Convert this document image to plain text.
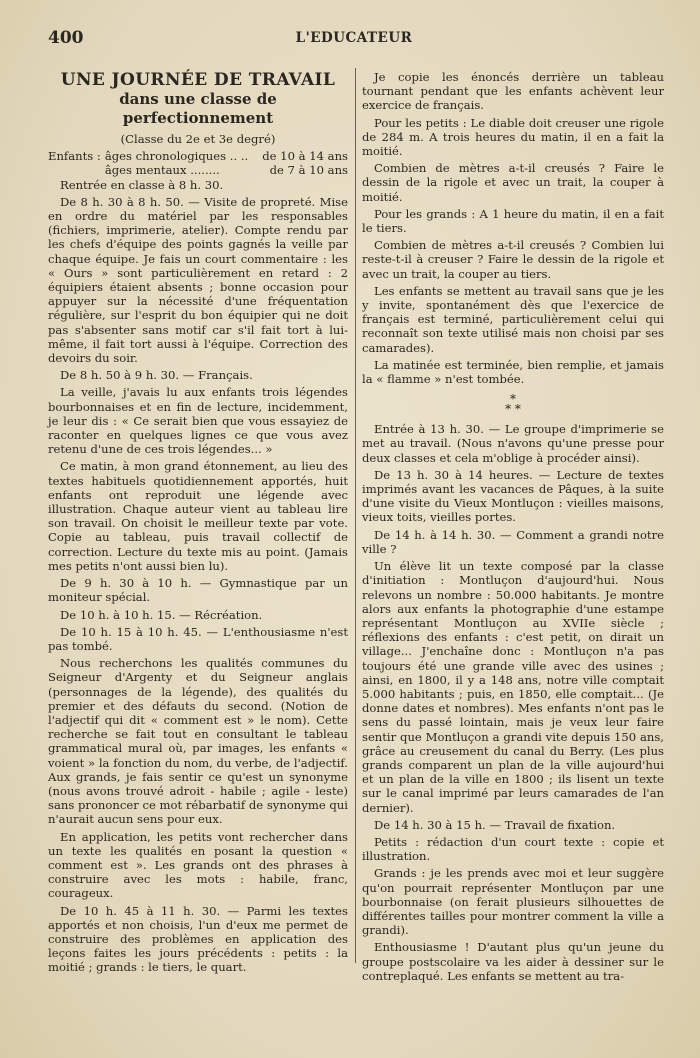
400	L'EDUCATEUR
UNE JOURNÉE DE TRAVAIL
dans une classe de perfectionnement

(Classe du 2e et 3e degré)

Enfants : âges chronologiques .. ..	de 10 à 14 ans
âges mentaux ........	de 7 à 10 ans

Rentrée en classe à 8 h. 30.

De 8 h. 30 à 8 h. 50. — Visite de propreté. Mise en ordre du matériel par les responsables (fichiers, imprimerie, atelier). Compte rendu par les chefs d'équipe des points gagnés la veille par chaque équipe. Je fais un court commentaire : les « Ours » sont particulièrement en retard : 2 équipiers étaient absents ; bonne occasion pour appuyer sur la nécessité d'une fréquentation régulière, sur l'esprit du bon équipier qui ne doit pas s'absenter sans motif car s'il fait tort à lui-même, il fait tort aussi à l'équipe. Correction des devoirs du soir.

De 8 h. 50 à 9 h. 30. — Français.

La veille, j'avais lu aux enfants trois légendes bourbonnaises et en fin de lecture, incidemment, je leur dis : « Ce serait bien que vous essayiez de raconter en quelques lignes ce que vous avez retenu d'une de ces trois légendes... »

Ce matin, à mon grand étonnement, au lieu des textes habituels quotidiennement apportés, huit enfants ont reproduit une légende avec illustration. Chaque auteur vient au tableau lire son travail. On choisit le meilleur texte par vote. Copie au tableau, puis travail collectif de correction. Lecture du texte mis au point. (Jamais mes petits n'ont aussi bien lu).

De 9 h. 30 à 10 h. — Gymnastique par un moniteur spécial.

De 10 h. à 10 h. 15. — Récréation.

De 10 h. 15 à 10 h. 45. — L'enthousiasme n'est pas tombé.

Nous recherchons les qualités communes du Seigneur d'Argenty et du Seigneur anglais (personnages de la légende), des qualités du premier et des défauts du second. (Notion de l'adjectif qui dit « comment est » le nom). Cette recherche se fait tout en consultant le tableau grammatical mural où, par images, les enfants « voient » la fonction du nom, du verbe, de l'adjectif. Aux grands, je fais sentir ce qu'est un synonyme (nous avons trouvé adroit - habile ; agile - leste) sans prononcer ce mot rébarbatif de synonyme qui n'aurait aucun sens pour eux.

En application, les petits vont rechercher dans un texte les qualités en posant la question « comment est ». Les grands ont des phrases à construire avec les mots : habile, franc, courageux.

De 10 h. 45 à 11 h. 30. — Parmi les textes apportés et non choisis, l'un d'eux me permet de construire des problèmes en application des leçons faites les jours précédents : petits : la moitié ; grands : le tiers, le quart.

Je copie les énoncés derrière un tableau tournant pendant que les enfants achèvent leur exercice de français.

Pour les petits : Le diable doit creuser une rigole de 284 m. A trois heures du matin, il en a fait la moitié.

Combien de mètres a-t-il creusés ? Faire le dessin de la rigole et avec un trait, la couper à moitié.

Pour les grands : A 1 heure du matin, il en a fait le tiers.

Combien de mètres a-t-il creusés ? Combien lui reste-t-il à creuser ? Faire le dessin de la rigole et avec un trait, la couper au tiers.

Les enfants se mettent au travail sans que je les y invite, spontanément dès que l'exercice de français est terminé, particulièrement celui qui reconnaît son texte utilisé mais non choisi par ses camarades).

La matinée est terminée, bien remplie, et jamais la « flamme » n'est tombée.

*
* *

Entrée à 13 h. 30. — Le groupe d'imprimerie se met au travail. (Nous n'avons qu'une presse pour deux classes et cela m'oblige à procéder ainsi).

De 13 h. 30 à 14 heures. — Lecture de textes imprimés avant les vacances de Pâques, à la suite d'une visite du Vieux Montluçon : vieilles maisons, vieux toits, vieilles portes.

De 14 h. à 14 h. 30. — Comment a grandi notre ville ?

Un élève lit un texte composé par la classe d'initiation : Montluçon d'aujourd'hui. Nous relevons un nombre : 50.000 habitants. Je montre alors aux enfants la photographie d'une estampe représentant Montluçon au XVIIe siècle ; réflexions des enfants : c'est petit, on dirait un village... J'enchaîne donc : Montluçon n'a pas toujours été une grande ville avec des usines ; ainsi, en 1800, il y a 148 ans, notre ville comptait 5.000 habitants ; puis, en 1850, elle comptait... (Je donne dates et nombres). Mes enfants n'ont pas le sens du passé lointain, mais je veux leur faire sentir que Montluçon a grandi vite depuis 150 ans, grâce au creusement du canal du Berry. (Les plus grands comparent un plan de la ville aujourd'hui et un plan de la ville en 1800 ; ils lisent un texte sur le canal imprimé par leurs camarades de l'an dernier).

De 14 h. 30 à 15 h. — Travail de fixation.

Petits : rédaction d'un court texte : copie et illustration.

Grands : je les prends avec moi et leur suggère qu'on pourrait représenter Montluçon par une bourbonnaise (on ferait plusieurs silhouettes de différentes tailles pour montrer comment la ville a grandi).

Enthousiasme ! D'autant plus qu'un jeune du groupe postscolaire va les aider à dessiner sur le contreplaqué. Les enfants se mettent au tra-
